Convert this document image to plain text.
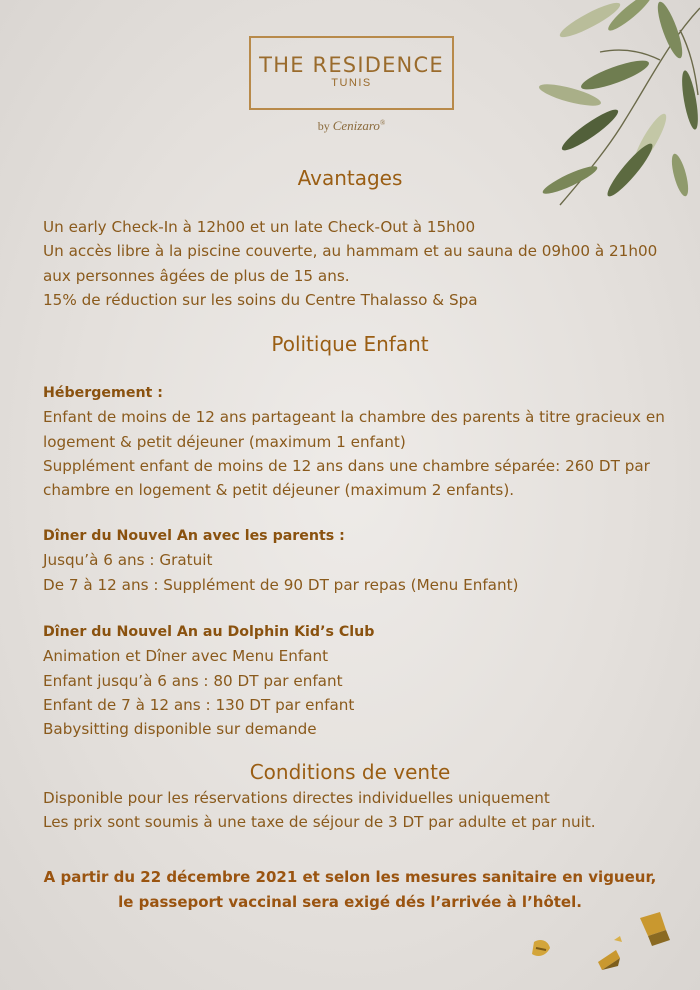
THE RESIDENCE
TUNIS
by Cenizaro®
Avantages
Un early Check-In à 12h00 et un late Check-Out à 15h00
Un accès libre à la piscine couverte, au hammam et au sauna de 09h00 à 21h00
aux personnes âgées de plus de 15 ans.
15% de réduction sur les soins du Centre Thalasso & Spa
Politique Enfant
Hébergement :
Enfant de moins de 12 ans partageant la chambre des parents à titre gracieux en
logement & petit déjeuner (maximum 1 enfant)
Supplément enfant de moins de 12 ans dans une chambre séparée: 260 DT par
chambre en logement & petit déjeuner (maximum 2 enfants).
Dîner du Nouvel An avec les parents :
Jusqu’à 6 ans : Gratuit
De 7 à 12 ans : Supplément de 90 DT par repas (Menu Enfant)
Dîner du Nouvel An au Dolphin Kid’s Club
Animation et Dîner avec Menu Enfant
Enfant jusqu’à 6 ans : 80 DT par enfant
Enfant de 7 à 12 ans : 130 DT par enfant
Babysitting disponible sur demande
Conditions de vente
Disponible pour les réservations directes individuelles uniquement
Les prix sont soumis à une taxe de séjour de 3 DT par adulte et par nuit.
A partir du 22 décembre 2021 et selon les mesures sanitaire en vigueur,
le passeport vaccinal sera exigé dés l’arrivée à l’hôtel.
